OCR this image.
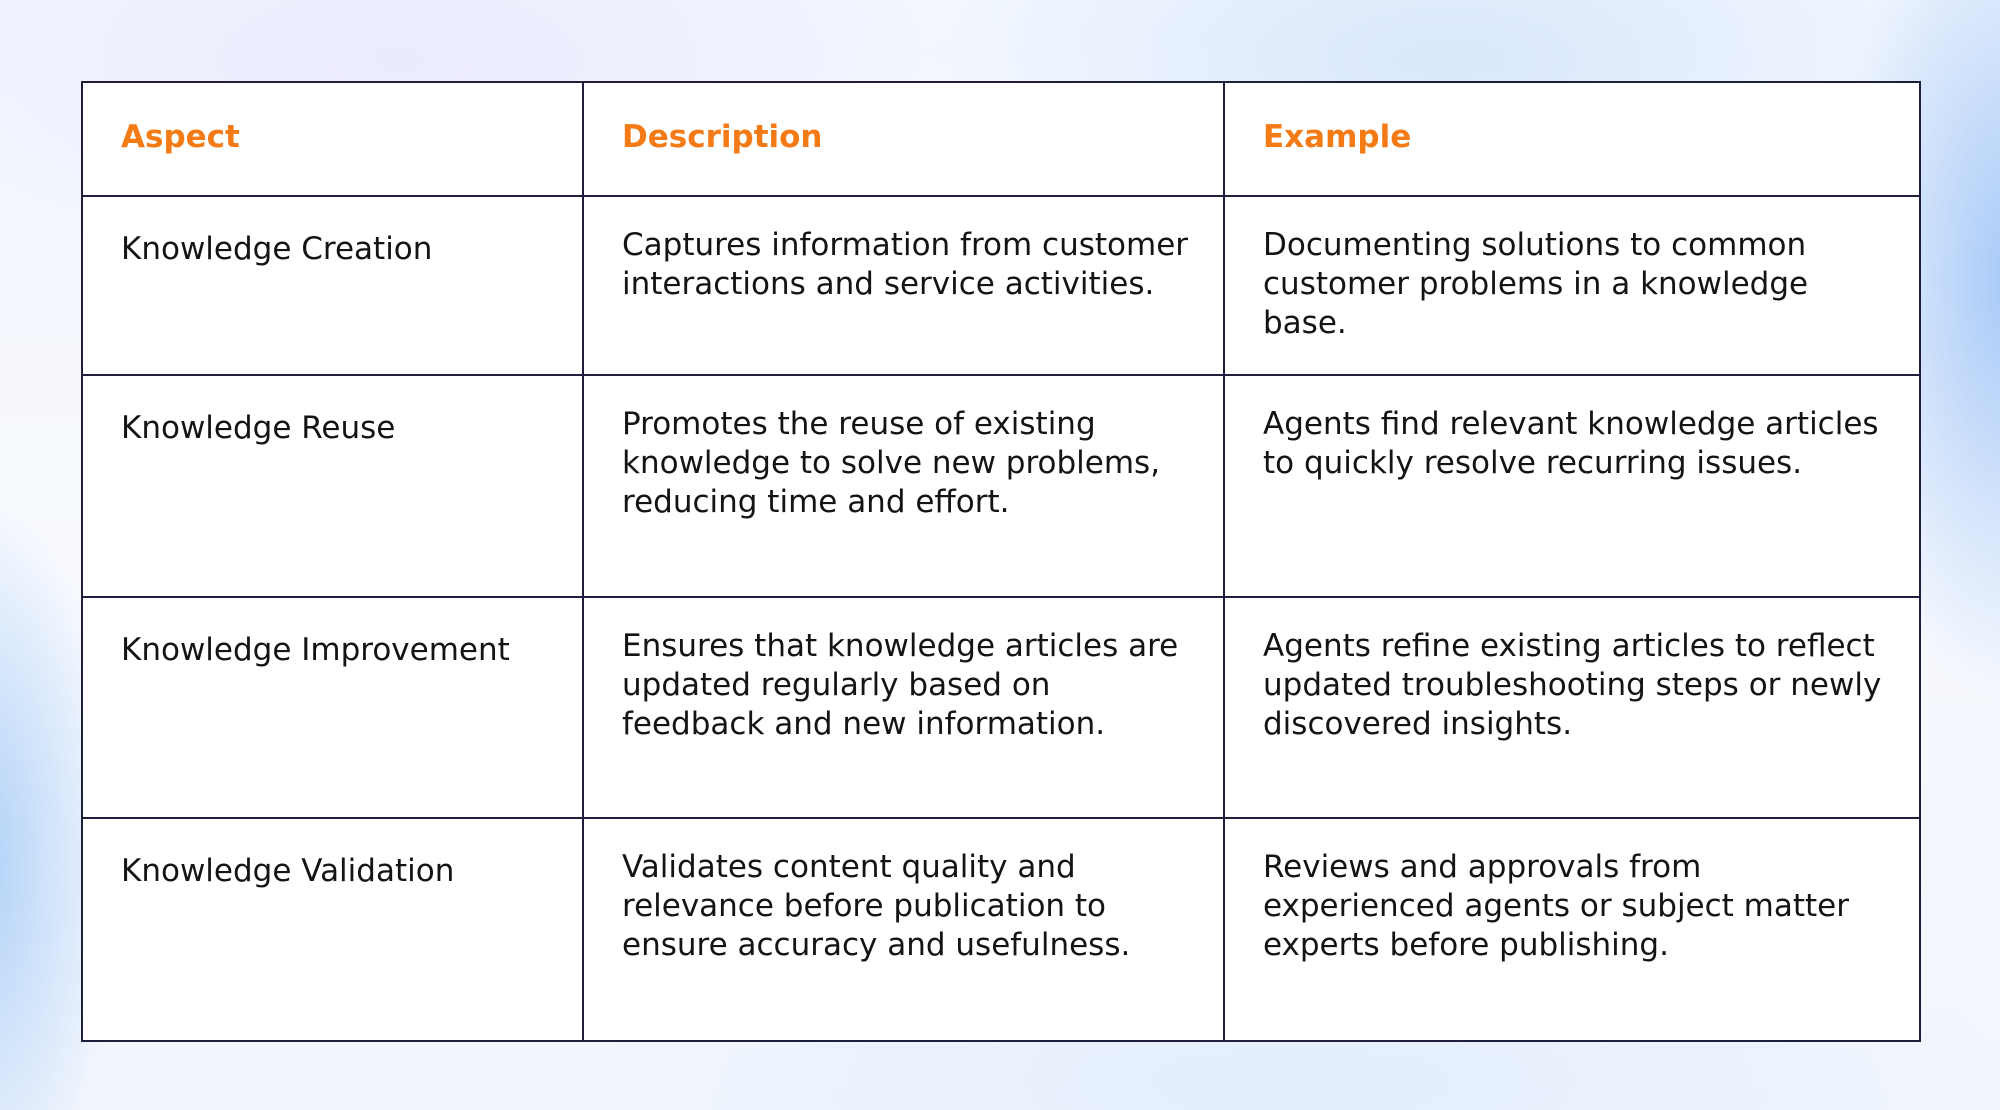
Aspect	Description	Example
Knowledge Creation	Captures information from customer interactions and service activities.	Documenting solutions to common customer problems in a knowledge base.
Knowledge Reuse	Promotes the reuse of existing knowledge to solve new problems, reducing time and effort.	Agents find relevant knowledge articles to quickly resolve recurring issues.
Knowledge Improvement	Ensures that knowledge articles are updated regularly based on feedback and new information.	Agents refine existing articles to reflect updated troubleshooting steps or newly discovered insights.
Knowledge Validation	Validates content quality and relevance before publication to ensure accuracy and usefulness.	Reviews and approvals from experienced agents or subject matter experts before publishing.
